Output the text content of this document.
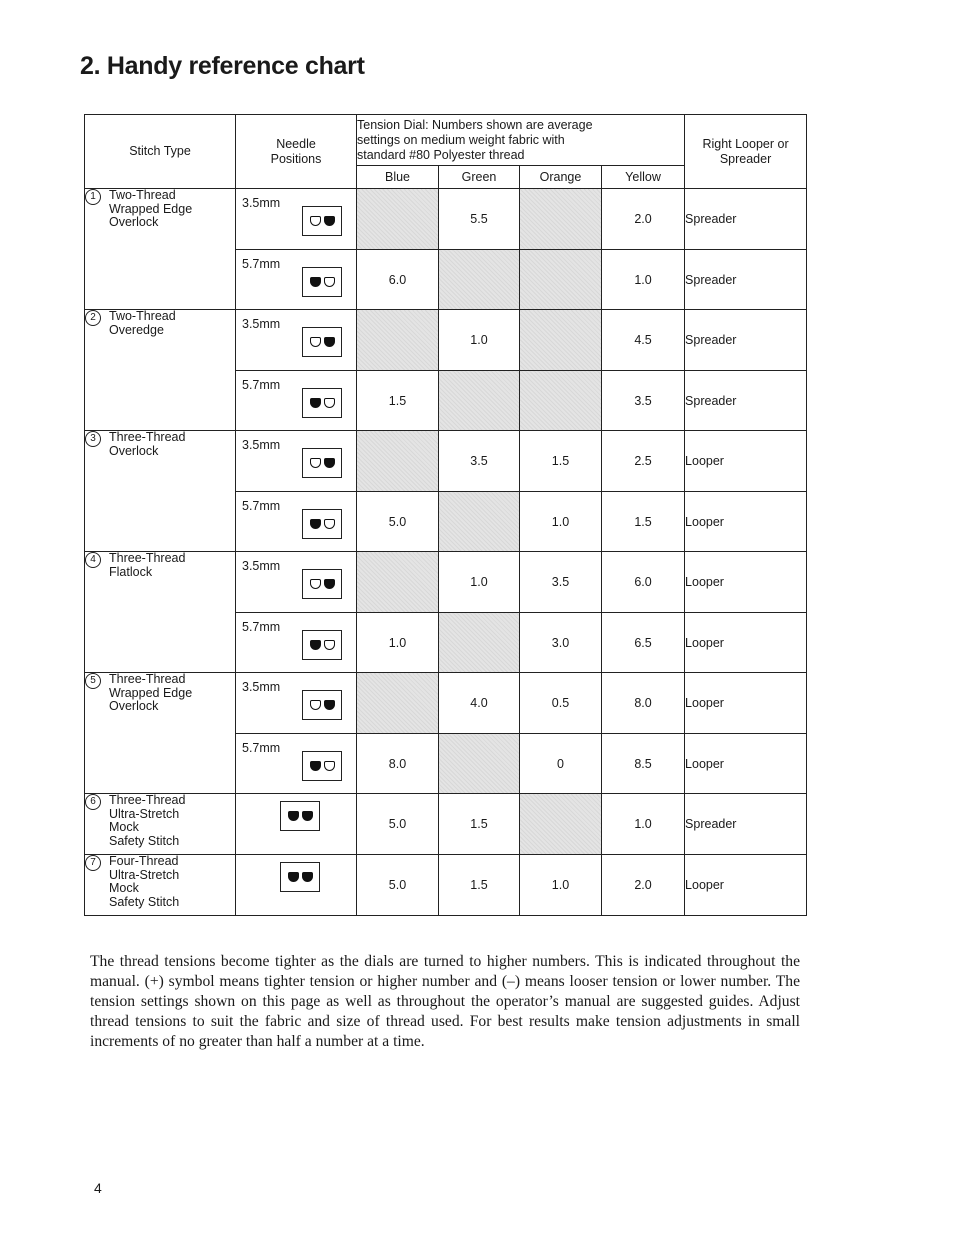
2. Handy reference chart
Stitch Type	Needle
Positions	Tension Dial: Numbers shown are average
settings on medium weight fabric with
standard #80 Polyester thread				Right Looper or
Spreader
		Blue	Green	Orange	Yellow	

1 Two-Thread
Wrapped Edge
Overlock	3.5mm		5.5		2.0	Spreader

	5.7mm	6.0			1.0	Spreader

2 Two-Thread
Overedge	3.5mm		1.0		4.5	Spreader

	5.7mm	1.5			3.5	Spreader

3 Three-Thread
Overlock	3.5mm		3.5	1.5	2.5	Looper

	5.7mm	5.0		1.0	1.5	Looper

4 Three-Thread
Flatlock	3.5mm		1.0	3.5	6.0	Looper

	5.7mm	1.0		3.0	6.5	Looper

5 Three-Thread
Wrapped Edge
Overlock	3.5mm		4.0	0.5	8.0	Looper

	5.7mm	8.0		0	8.5	Looper

6 Three-Thread
Ultra-Stretch
Mock
Safety Stitch		5.0	1.5		1.0	Spreader

7 Four-Thread
Ultra-Stretch
Mock
Safety Stitch		5.0	1.5	1.0	2.0	Looper

The thread tensions become tighter as the dials are turned to higher numbers. This is indicated throughout the manual. (+) symbol means tighter tension or higher number and (–) means looser tension or lower number. The tension settings shown on this page as well as throughout the operator’s manual are suggested guides. Adjust thread tensions to suit the fabric and size of thread used. For best results make tension adjustments in small increments of no greater than half a number at a time.

4
